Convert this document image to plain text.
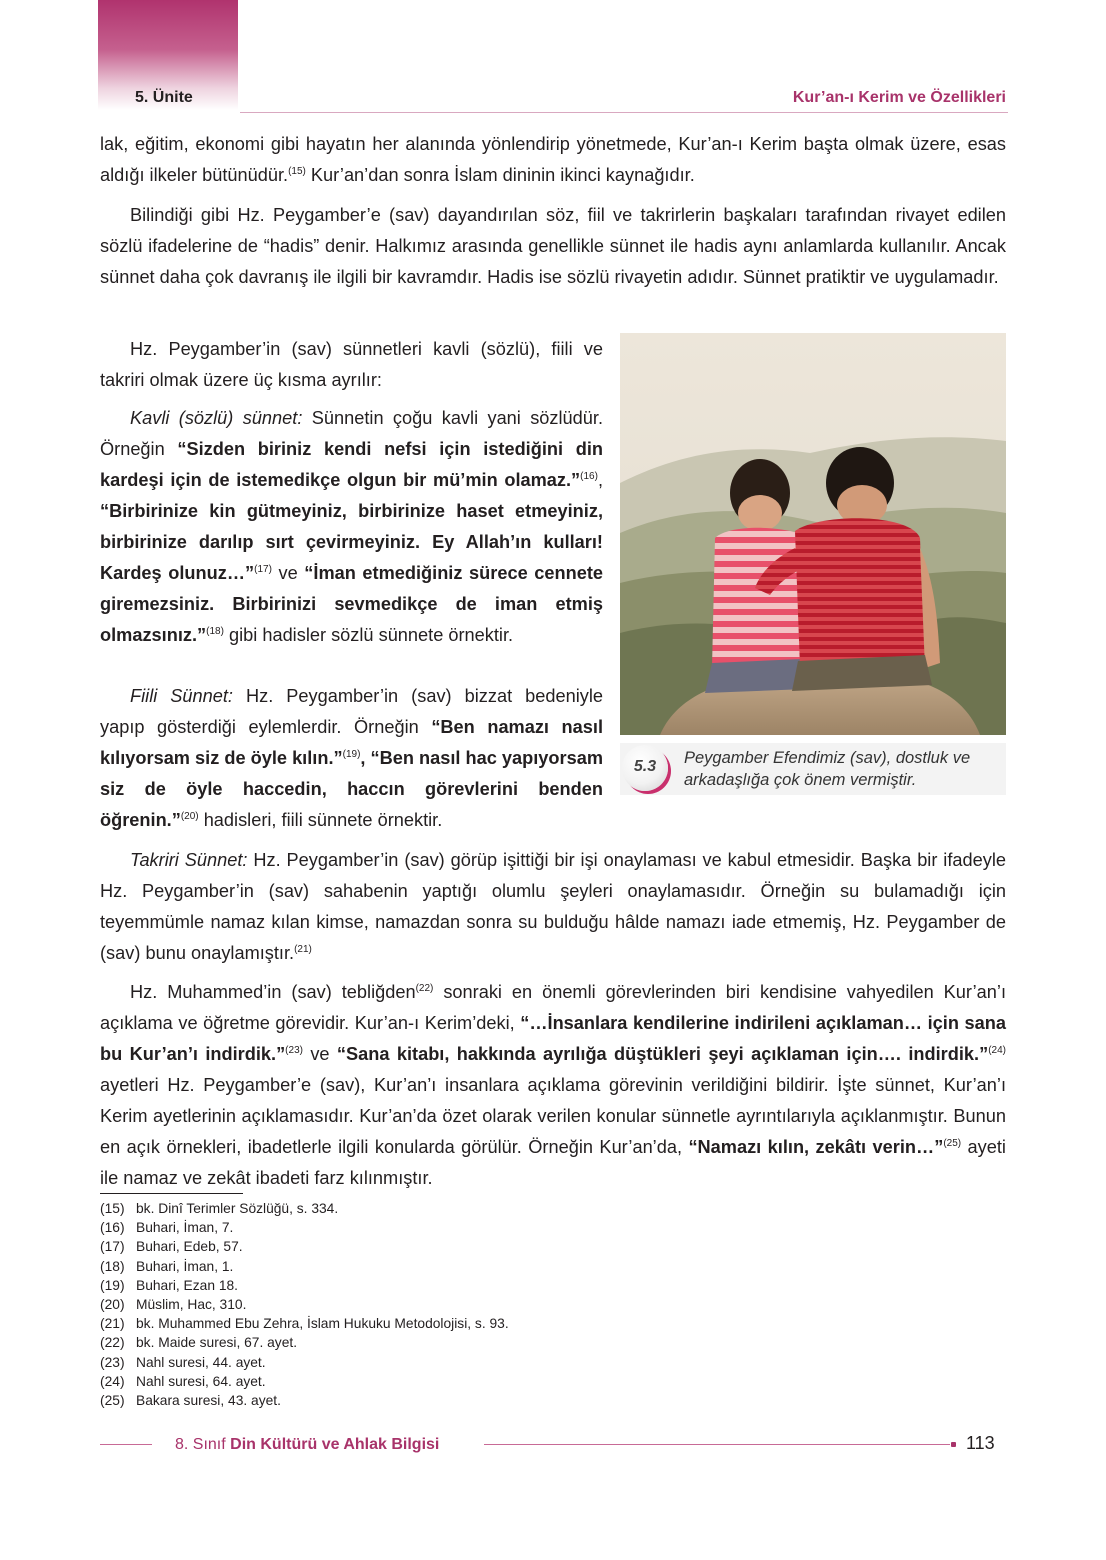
5. Ünite	Kur’an-ı Kerim ve Özellikleri

lak, eğitim, ekonomi gibi hayatın her alanında yönlendirip yönetmede, Kur’an-ı Kerim başta olmak üzere, esas aldığı ilkeler bütünüdür.$^{(15)}$ Kur’an’dan sonra İslam dininin ikinci kaynağıdır.

Bilindiği gibi Hz. Peygamber’e (sav) dayandırılan söz, fiil ve takrirlerin başkaları tarafından rivayet edilen sözlü ifadelerine de “hadis” denir. Halkımız arasında genellikle sünnet ile hadis aynı anlamlarda kullanılır. Ancak sünnet daha çok davranış ile ilgili bir kavramdır. Hadis ise sözlü rivayetin adıdır. Sünnet pratiktir ve uygulamadır.

Hz. Peygamber’in (sav) sünnetleri kavli (sözlü), fiili ve takriri olmak üzere üç kısma ayrılır:

Kavli (sözlü) sünnet: Sünnetin çoğu kavli yani sözlüdür. Örneğin “Sizden biriniz kendi nefsi için istediğini din kardeşi için de istemedikçe olgun bir mü’min olamaz.”$^{(16)}$, “Birbirinize kin gütmeyiniz, birbirinize haset etmeyiniz, birbirinize darılıp sırt çevirmeyiniz. Ey Allah’ın kulları! Kardeş olunuz…”$^{(17)}$ ve “İman etmediğiniz sürece cennete giremezsiniz. Birbirinizi sevmedikçe de iman etmiş olmazsınız.”$^{(18)}$ gibi hadisler sözlü sünnete örnektir.

Fiili Sünnet: Hz. Peygamber’in (sav) bizzat bedeniyle yapıp gösterdiği eylemlerdir. Örneğin “Ben namazı nasıl kılıyorsam siz de öyle kılın.”$^{(19)}$, “Ben nasıl hac yapıyorsam siz de öyle haccedin, haccın görevlerini benden öğrenin.”$^{(20)}$ hadisleri, fiili sünnete örnektir.

5.3	Peygamber Efendimiz (sav), dostluk ve arkadaşlığa çok önem vermiştir.

Takriri Sünnet: Hz. Peygamber’in (sav) görüp işittiği bir işi onaylaması ve kabul etmesidir. Başka bir ifadeyle Hz. Peygamber’in (sav) sahabenin yaptığı olumlu şeyleri onaylamasıdır. Örneğin su bulamadığı için teyemmümle namaz kılan kimse, namazdan sonra su bulduğu hâlde namazı iade etmemiş, Hz. Peygamber de (sav) bunu onaylamıştır.$^{(21)}$

Hz. Muhammed’in (sav) tebliğden$^{(22)}$ sonraki en önemli görevlerinden biri kendisine vahyedilen Kur’an’ı açıklama ve öğretme görevidir. Kur’an-ı Kerim’deki, “…İnsanlara kendilerine indirileni açıklaman… için sana bu Kur’an’ı indirdik.”$^{(23)}$ ve “Sana kitabı, hakkında ayrılığa düştükleri şeyi açıklaman için…. indirdik.”$^{(24)}$ ayetleri Hz. Peygamber’e (sav), Kur’an’ı insanlara açıklama görevinin verildiğini bildirir. İşte sünnet, Kur’an’ı Kerim ayetlerinin açıklamasıdır. Kur’an’da özet olarak verilen konular sünnetle ayrıntılarıyla açıklanmıştır. Bunun en açık örnekleri, ibadetlerle ilgili konularda görülür. Örneğin Kur’an’da, “Namazı kılın, zekâtı verin…”$^{(25)}$ ayeti ile namaz ve zekât ibadeti farz kılınmıştır.

(15) bk. Dinî Terimler Sözlüğü, s. 334.
(16) Buhari, İman, 7.
(17) Buhari, Edeb, 57.
(18) Buhari, İman, 1.
(19) Buhari, Ezan 18.
(20) Müslim, Hac, 310.
(21) bk. Muhammed Ebu Zehra, İslam Hukuku Metodolojisi, s. 93.
(22) bk. Maide suresi, 67. ayet.
(23) Nahl suresi, 44. ayet.
(24) Nahl suresi, 64. ayet.
(25) Bakara suresi, 43. ayet.
8. Sınıf Din Kültürü ve Ahlak Bilgisi	113
